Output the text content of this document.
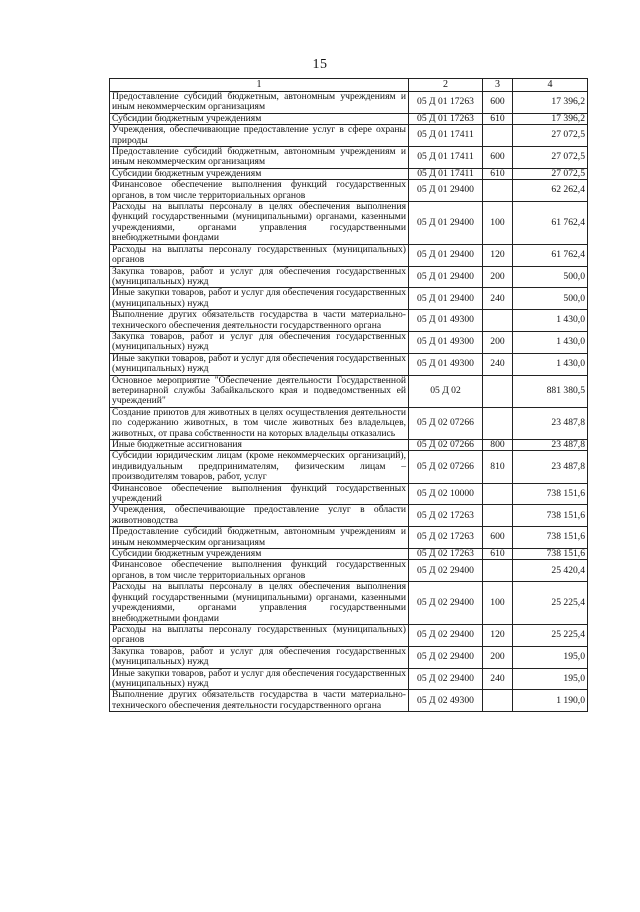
15
1	2	3	4
Предоставление субсидий бюджетным, автономным учреждениям и иным некоммерческим организациям	05 Д 01 17263	600	17 396,2
Субсидии бюджетным учреждениям	05 Д 01 17263	610	17 396,2
Учреждения, обеспечивающие предоставление услуг в сфере охраны природы	05 Д 01 17411		27 072,5
Предоставление субсидий бюджетным, автономным учреждениям и иным некоммерческим организациям	05 Д 01 17411	600	27 072,5
Субсидии бюджетным учреждениям	05 Д 01 17411	610	27 072,5
Финансовое обеспечение выполнения функций государственных органов, в том числе территориальных органов	05 Д 01 29400		62 262,4
Расходы на выплаты персоналу в целях обеспечения выполнения функций государственными (муниципальными) органами, казенными учреждениями, органами управления государственными внебюджетными фондами	05 Д 01 29400	100	61 762,4
Расходы на выплаты персоналу государственных (муниципальных) органов	05 Д 01 29400	120	61 762,4
Закупка товаров, работ и услуг для обеспечения государственных (муниципальных) нужд	05 Д 01 29400	200	500,0
Иные закупки товаров, работ и услуг для обеспечения государственных (муниципальных) нужд	05 Д 01 29400	240	500,0
Выполнение других обязательств государства в части материально-технического обеспечения деятельности государственного органа	05 Д 01 49300		1 430,0
Закупка товаров, работ и услуг для обеспечения государственных (муниципальных) нужд	05 Д 01 49300	200	1 430,0
Иные закупки товаров, работ и услуг для обеспечения государственных (муниципальных) нужд	05 Д 01 49300	240	1 430,0
Основное мероприятие "Обеспечение деятельности Государственной ветеринарной службы Забайкальского края и подведомственных ей учреждений"	05 Д 02		881 380,5
Создание приютов для животных в целях осуществления деятельности по содержанию животных, в том числе животных без владельцев, животных, от права собственности на которых владельцы отказались	05 Д 02 07266		23 487,8
Иные бюджетные ассигнования	05 Д 02 07266	800	23 487,8
Субсидии юридическим лицам (кроме некоммерческих организаций), индивидуальным предпринимателям, физическим лицам – производителям товаров, работ, услуг	05 Д 02 07266	810	23 487,8
Финансовое обеспечение выполнения функций государственных учреждений	05 Д 02 10000		738 151,6
Учреждения, обеспечивающие предоставление услуг в области животноводства	05 Д 02 17263		738 151,6
Предоставление субсидий бюджетным, автономным учреждениям и иным некоммерческим организациям	05 Д 02 17263	600	738 151,6
Субсидии бюджетным учреждениям	05 Д 02 17263	610	738 151,6
Финансовое обеспечение выполнения функций государственных органов, в том числе территориальных органов	05 Д 02 29400		25 420,4
Расходы на выплаты персоналу в целях обеспечения выполнения функций государственными (муниципальными) органами, казенными учреждениями, органами управления государственными внебюджетными фондами	05 Д 02 29400	100	25 225,4
Расходы на выплаты персоналу государственных (муниципальных) органов	05 Д 02 29400	120	25 225,4
Закупка товаров, работ и услуг для обеспечения государственных (муниципальных) нужд	05 Д 02 29400	200	195,0
Иные закупки товаров, работ и услуг для обеспечения государственных (муниципальных) нужд	05 Д 02 29400	240	195,0
Выполнение других обязательств государства в части материально-технического обеспечения деятельности государственного органа	05 Д 02 49300		1 190,0
